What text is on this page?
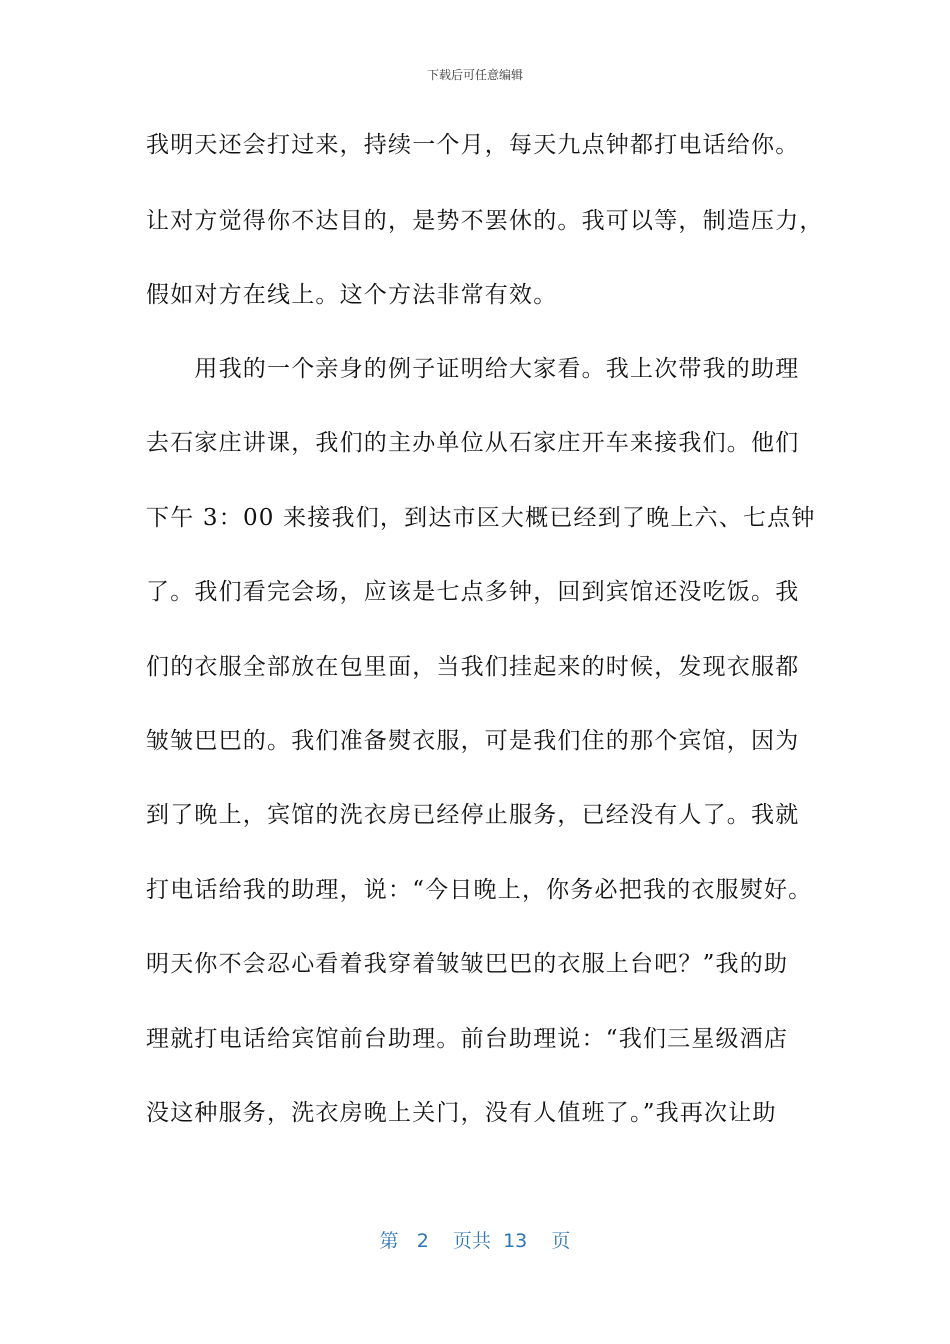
下载后可任意编辑
我明天还会打过来，持续一个月，每天九点钟都打电话给你。
让对方觉得你不达目的，是势不罢休的。我可以等，制造压力，
假如对方在线上。这个方法非常有效。
　　用我的一个亲身的例子证明给大家看。我上次带我的助理
去石家庄讲课，我们的主办单位从石家庄开车来接我们。他们
下午 3：00 来接我们，到达市区大概已经到了晚上六、七点钟
了。我们看完会场，应该是七点多钟，回到宾馆还没吃饭。我
们的衣服全部放在包里面，当我们挂起来的时候，发现衣服都
皱皱巴巴的。我们准备熨衣服，可是我们住的那个宾馆，因为
到了晚上，宾馆的洗衣房已经停止服务，已经没有人了。我就
打电话给我的助理，说：“今日晚上，你务必把我的衣服熨好。
明天你不会忍心看着我穿着皱皱巴巴的衣服上台吧？”我的助
理就打电话给宾馆前台助理。前台助理说：“我们三星级酒店
没这种服务，洗衣房晚上关门，没有人值班了。”我再次让助
第 2 页共 13 页
